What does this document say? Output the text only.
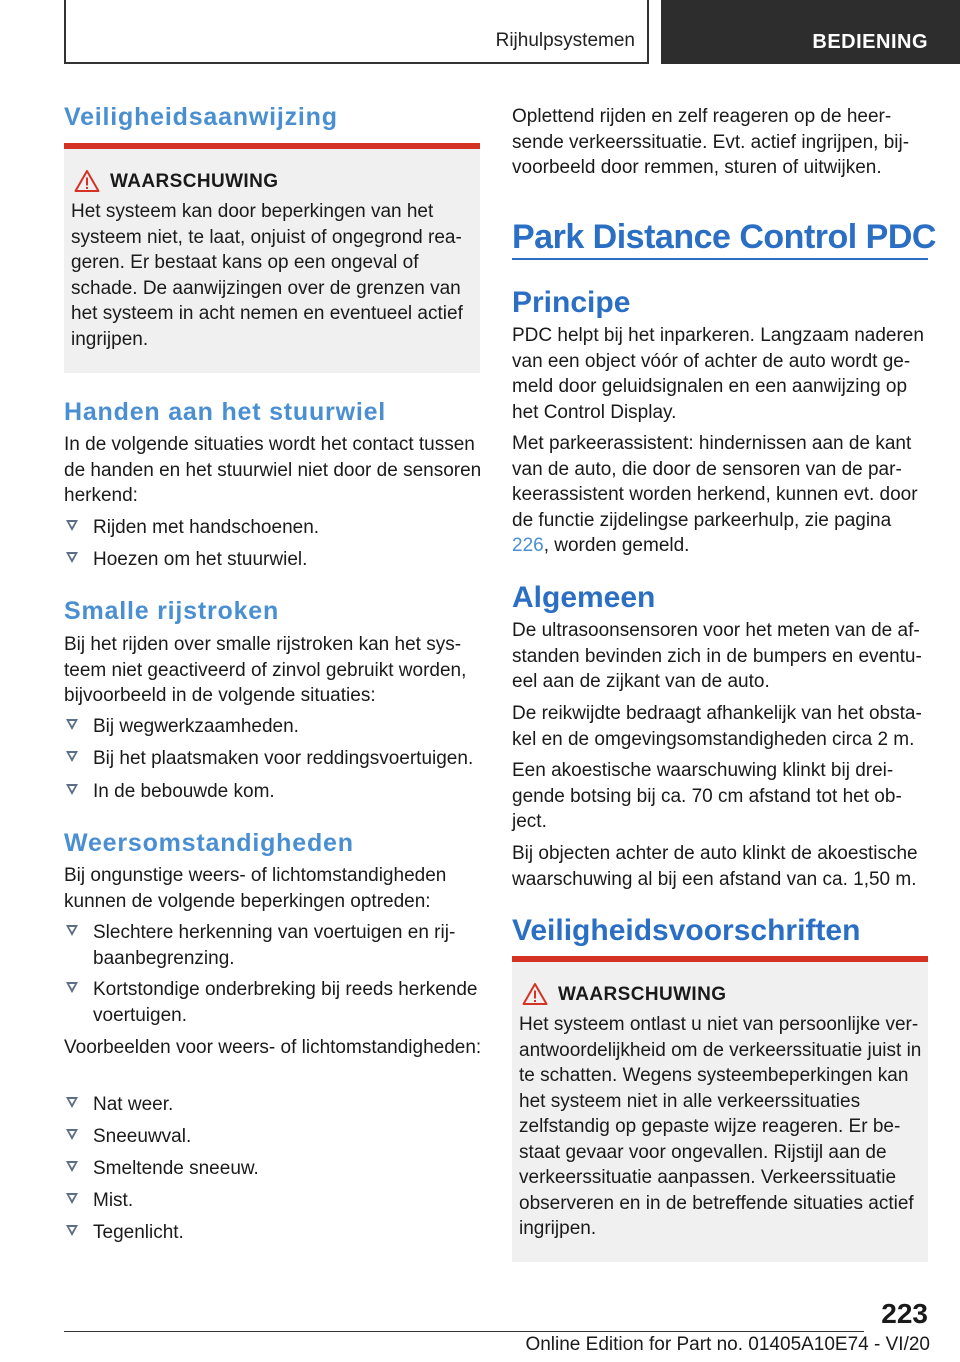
Rijhulpsystemen	BEDIENING
Veiligheidsaanwijzing
WAARSCHUWING
Het systeem kan door beperkingen van het systeem niet, te laat, onjuist of ongegrond reageren. Er bestaat kans op een ongeval of schade. De aanwijzingen over de grenzen van het systeem in acht nemen en eventueel actief ingrijpen.
Handen aan het stuurwiel
In de volgende situaties wordt het contact tussen de handen en het stuurwiel niet door de sensoren herkend:
Rijden met handschoenen.
Hoezen om het stuurwiel.
Smalle rijstroken
Bij het rijden over smalle rijstroken kan het systeem niet geactiveerd of zinvol gebruikt worden, bijvoorbeeld in de volgende situaties:
Bij wegwerkzaamheden.
Bij het plaatsmaken voor reddingsvoertuigen.
In de bebouwde kom.
Weersomstandigheden
Bij ongunstige weers- of lichtomstandigheden kunnen de volgende beperkingen optreden:
Slechtere herkenning van voertuigen en rijbaanbegrenzing.
Kortstondige onderbreking bij reeds herkende voertuigen.
Voorbeelden voor weers- of lichtomstandigheden:
Nat weer.
Sneeuwval.
Smeltende sneeuw.
Mist.
Tegenlicht.
Oplettend rijden en zelf reageren op de heersende verkeerssituatie. Evt. actief ingrijpen, bijvoorbeeld door remmen, sturen of uitwijken.
Park Distance Control PDC
Principe
PDC helpt bij het inparkeren. Langzaam naderen van een object vóór of achter de auto wordt gemeld door geluidsignalen en een aanwijzing op het Control Display.
Met parkeerassistent: hindernissen aan de kant van de auto, die door de sensoren van de parkeerassistent worden herkend, kunnen evt. door de functie zijdelingse parkeerhulp, zie pagina 226, worden gemeld.
Algemeen
De ultrasoonsensoren voor het meten van de afstanden bevinden zich in de bumpers en eventueel aan de zijkant van de auto.
De reikwijdte bedraagt afhankelijk van het obstakel en de omgevingsomstandigheden circa 2 m.
Een akoestische waarschuwing klinkt bij dreigende botsing bij ca. 70 cm afstand tot het object.
Bij objecten achter de auto klinkt de akoestische waarschuwing al bij een afstand van ca. 1,50 m.
Veiligheidsvoorschriften
WAARSCHUWING
Het systeem ontlast u niet van persoonlijke verantwoordelijkheid om de verkeerssituatie juist in te schatten. Wegens systeembeperkingen kan het systeem niet in alle verkeerssituaties zelfstandig op gepaste wijze reageren. Er bestaat gevaar voor ongevallen. Rijstijl aan de verkeerssituatie aanpassen. Verkeerssituatie observeren en in de betreffende situaties actief ingrijpen.
223
Online Edition for Part no. 01405A10E74 - VI/20
